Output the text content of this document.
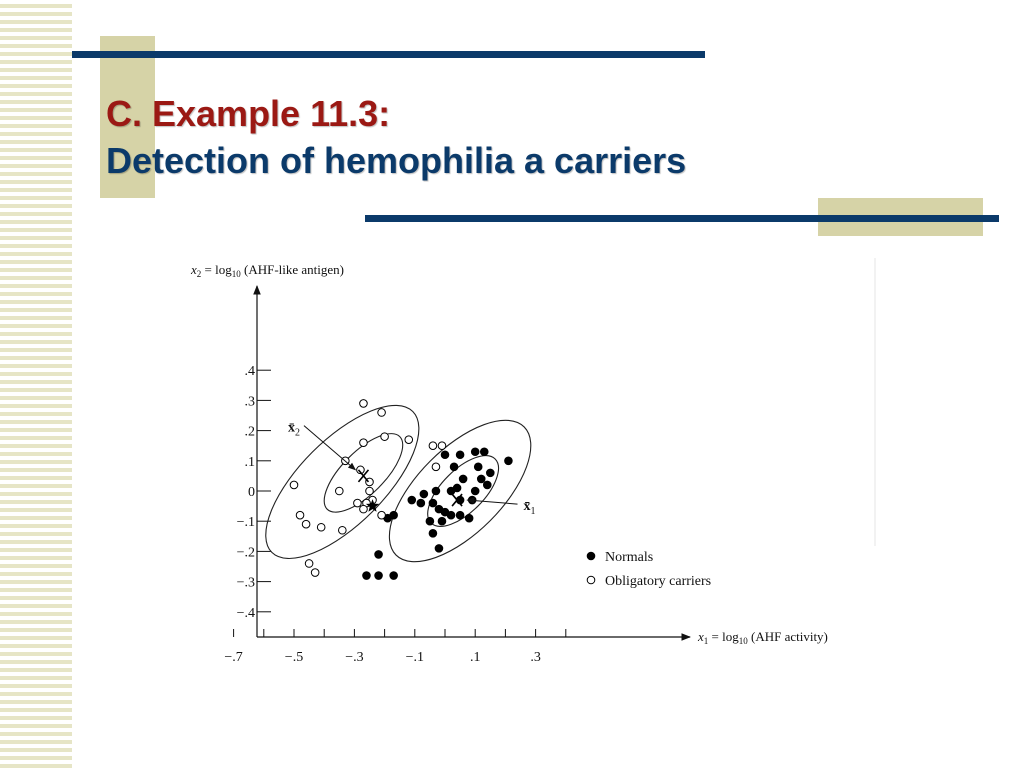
C. Example 11.3:
Detection of hemophilia a carriers
$x_2 = \log_{10}$ (AHF-like antigen)
$x_1 = \log_{10} (AHF$ activity)
−.7	−.5	−.3	−.1	.1	.3
.4
.3
.2
.1
0
−.1
−.2
−.3
−.4
$x̄_2$
$x̄_1$
Normals
Obligatory carriers
